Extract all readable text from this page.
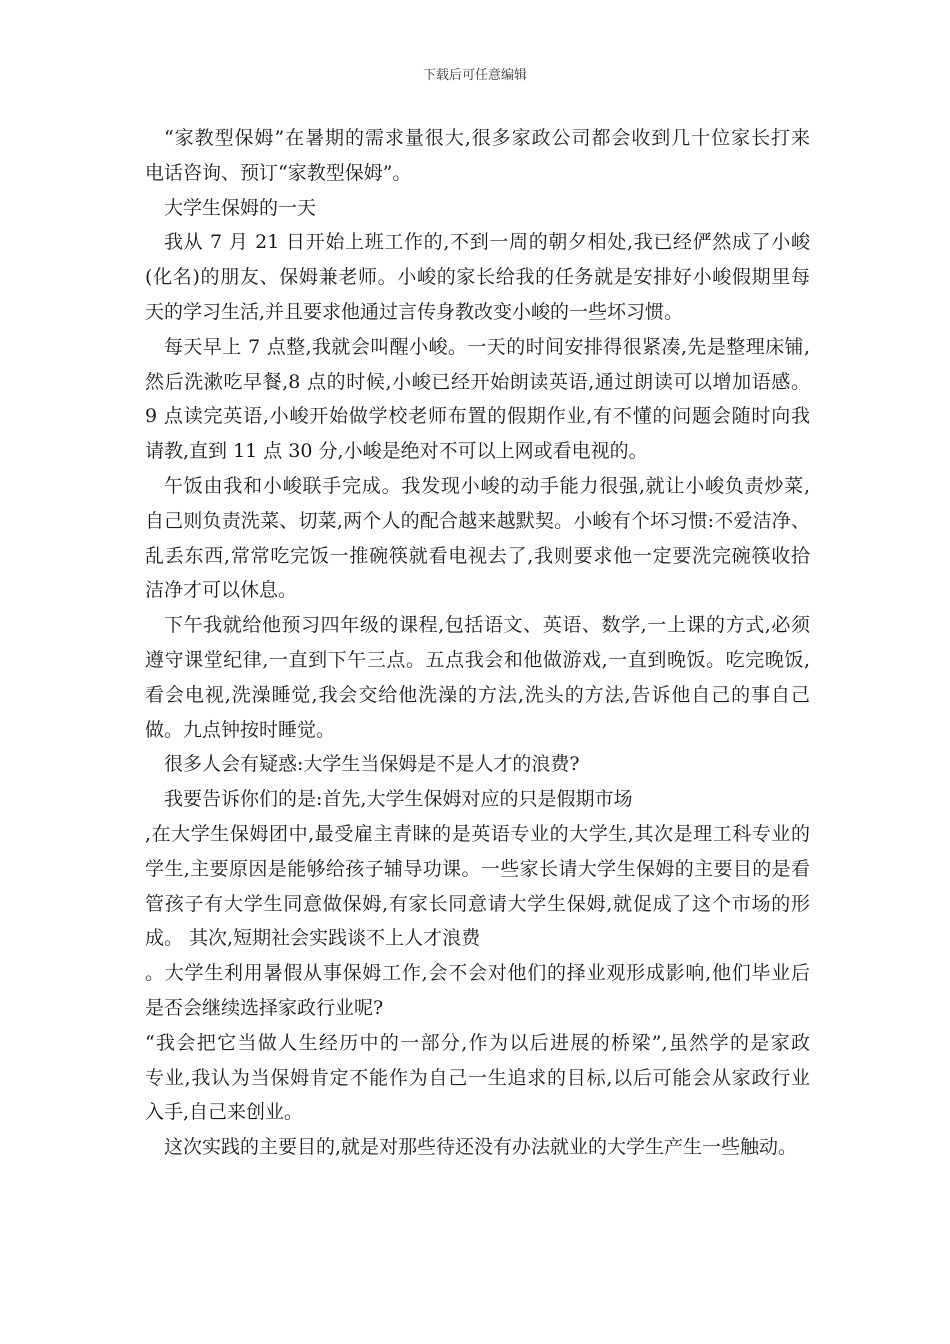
下载后可任意编辑
“家教型保姆”在暑期的需求量很大,很多家政公司都会收到几十位家长打来
电话咨询、预订“家教型保姆”。
大学生保姆的一天
我从 7 月 21 日开始上班工作的,不到一周的朝夕相处,我已经俨然成了小峻
(化名)的朋友、保姆兼老师。小峻的家长给我的任务就是安排好小峻假期里每
天的学习生活,并且要求他通过言传身教改变小峻的一些坏习惯。
每天早上 7 点整,我就会叫醒小峻。一天的时间安排得很紧凑,先是整理床铺,
然后洗漱吃早餐,8 点的时候,小峻已经开始朗读英语,通过朗读可以增加语感。
9 点读完英语,小峻开始做学校老师布置的假期作业,有不懂的问题会随时向我
请教,直到 11 点 30 分,小峻是绝对不可以上网或看电视的。
午饭由我和小峻联手完成。我发现小峻的动手能力很强,就让小峻负责炒菜,
自己则负责洗菜、切菜,两个人的配合越来越默契。小峻有个坏习惯:不爱洁净、
乱丢东西,常常吃完饭一推碗筷就看电视去了,我则要求他一定要洗完碗筷收拾
洁净才可以休息。
下午我就给他预习四年级的课程,包括语文、英语、数学,一上课的方式,必须
遵守课堂纪律,一直到下午三点。五点我会和他做游戏,一直到晚饭。吃完晚饭,
看会电视,洗澡睡觉,我会交给他洗澡的方法,洗头的方法,告诉他自己的事自己
做。九点钟按时睡觉。
很多人会有疑惑:大学生当保姆是不是人才的浪费?
我要告诉你们的是:首先,大学生保姆对应的只是假期市场
,在大学生保姆团中,最受雇主青睐的是英语专业的大学生,其次是理工科专业的
学生,主要原因是能够给孩子辅导功课。一些家长请大学生保姆的主要目的是看
管孩子有大学生同意做保姆,有家长同意请大学生保姆,就促成了这个市场的形
成。 其次,短期社会实践谈不上人才浪费
。大学生利用暑假从事保姆工作,会不会对他们的择业观形成影响,他们毕业后
是否会继续选择家政行业呢?
“我会把它当做人生经历中的一部分,作为以后进展的桥梁”,虽然学的是家政
专业,我认为当保姆肯定不能作为自己一生追求的目标,以后可能会从家政行业
入手,自己来创业。
这次实践的主要目的,就是对那些待还没有办法就业的大学生产生一些触动。
